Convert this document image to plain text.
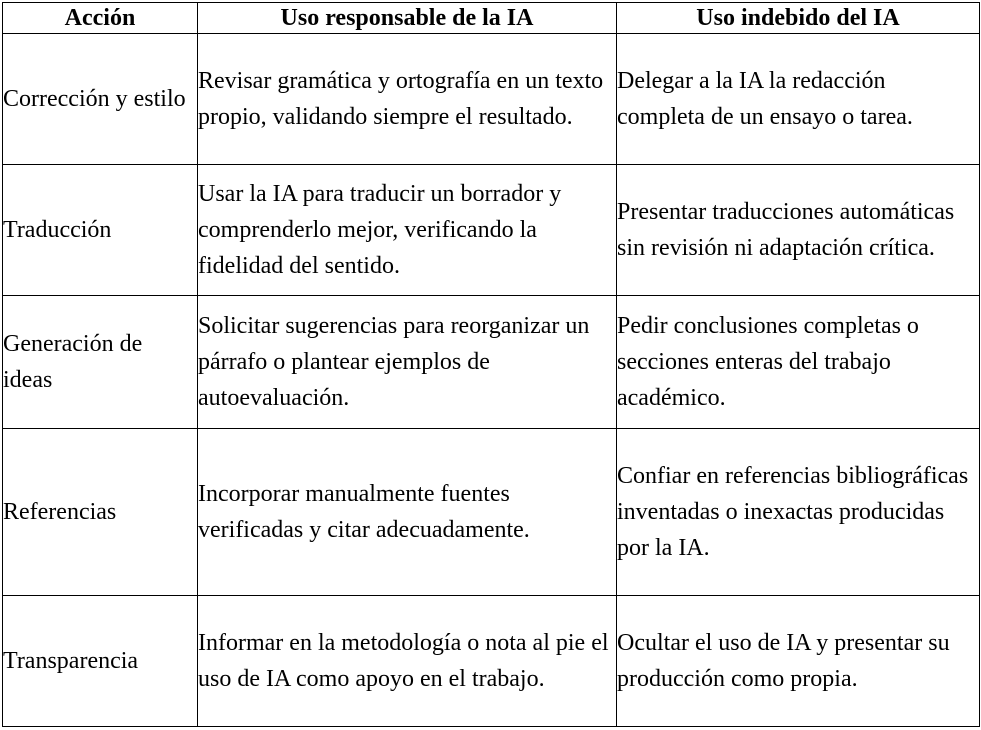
Acción	Uso responsable de la IA	Uso indebido del IA
Corrección y estilo	Revisar gramática y ortografía en un texto propio, validando siempre el resultado.	Delegar a la IA la redacción completa de un ensayo o tarea.
Traducción	Usar la IA para traducir un borrador y comprenderlo mejor, verificando la fidelidad del sentido.	Presentar traducciones automáticas sin revisión ni adaptación crítica.
Generación de ideas	Solicitar sugerencias para reorganizar un párrafo o plantear ejemplos de autoevaluación.	Pedir conclusiones completas o secciones enteras del trabajo académico.
Referencias	Incorporar manualmente fuentes verificadas y citar adecuadamente.	Confiar en referencias bibliográficas inventadas o inexactas producidas por la IA.
Transparencia	Informar en la metodología o nota al pie el uso de IA como apoyo en el trabajo.	Ocultar el uso de IA y presentar su producción como propia.
